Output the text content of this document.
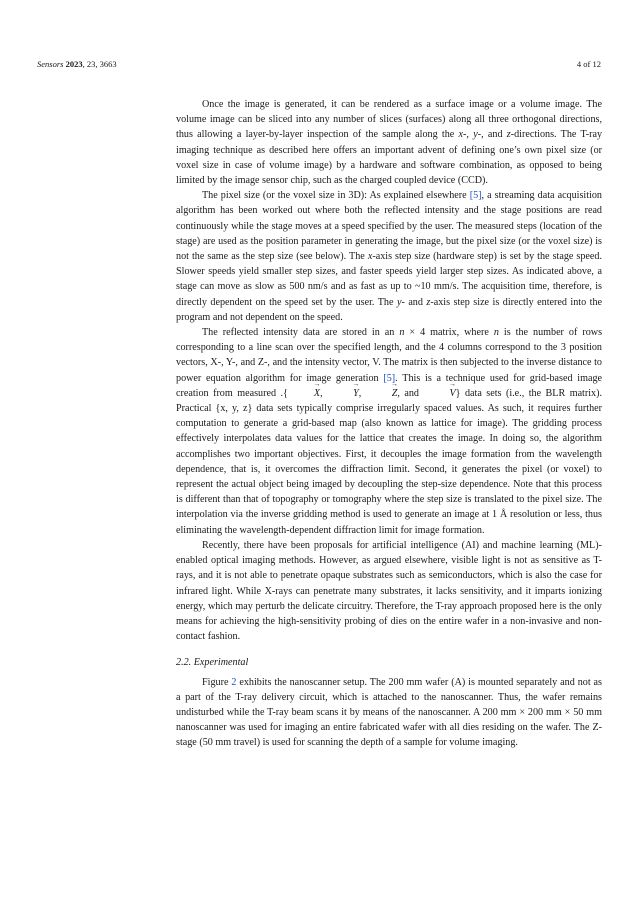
Sensors 2023, 23, 3663	4 of 12

Once the image is generated, it can be rendered as a surface image or a volume image. The volume image can be sliced into any number of slices (surfaces) along all three orthogonal directions, thus allowing a layer-by-layer inspection of the sample along the x-, y-, and z-directions. The T-ray imaging technique as described here offers an important advent of defining one’s own pixel size (or voxel size in case of volume image) by a hardware and software combination, as opposed to being limited by the image sensor chip, such as the charged coupled device (CCD).

The pixel size (or the voxel size in 3D): As explained elsewhere [5], a streaming data acquisition algorithm has been worked out where both the reflected intensity and the stage positions are read continuously while the stage moves at a speed specified by the user. The measured steps (location of the stage) are used as the position parameter in generating the image, but the pixel size (or the voxel size) is not the same as the step size (see below). The x-axis step size (hardware step) is set by the stage speed. Slower speeds yield smaller step sizes, and faster speeds yield larger step sizes. As indicated above, a stage can move as slow as 500 nm/s and as fast as up to ~10 mm/s. The acquisition time, therefore, is directly dependent on the speed set by the user. The y- and z-axis step size is directly entered into the program and not dependent on the speed.

The reflected intensity data are stored in an n × 4 matrix, where n is the number of rows corresponding to a line scan over the specified length, and the 4 columns correspond to the 3 position vectors, X-, Y-, and Z-, and the intensity vector, V. The matrix is then subjected to the inverse distance to power equation algorithm for image generation [5]. This is a technique used for grid-based image creation from measured .{	→ X,	→ Y,	→ Z, and	→ V} data sets (i.e., the BLR matrix). Practical {x, y, z} data sets typically comprise irregularly spaced values. As such, it requires further computation to generate a grid-based map (also known as lattice for image). The gridding process effectively interpolates data values for the lattice that creates the image. In doing so, the algorithm accomplishes two important objectives. First, it decouples the image formation from the wavelength dependence, that is, it overcomes the diffraction limit. Second, it generates the pixel (or voxel) to represent the actual object being imaged by decoupling the step-size dependence. Note that this process is different than that of topography or tomography where the step size is translated to the pixel size. The interpolation via the inverse gridding method is used to generate an image at 1 Å resolution or less, thus eliminating the wavelength-dependent diffraction limit for image formation.

Recently, there have been proposals for artificial intelligence (AI) and machine learning (ML)-enabled optical imaging methods. However, as argued elsewhere, visible light is not as sensitive as T-rays, and it is not able to penetrate opaque substrates such as semiconductors, which is also the case for infrared light. While X-rays can penetrate many substrates, it lacks sensitivity, and it imparts ionizing energy, which may perturb the delicate circuitry. Therefore, the T-ray approach proposed here is the only means for achieving the high-sensitivity probing of dies on the entire wafer in a non-invasive and non-contact fashion.

2.2. Experimental

Figure 2 exhibits the nanoscanner setup. The 200 mm wafer (A) is mounted separately and not as a part of the T-ray delivery circuit, which is attached to the nanoscanner. Thus, the wafer remains undisturbed while the T-ray beam scans it by means of the nanoscanner. A 200 mm × 200 mm × 50 mm nanoscanner was used for imaging an entire fabricated wafer with all dies residing on the wafer. The Z-stage (50 mm travel) is used for scanning the depth of a sample for volume imaging.
